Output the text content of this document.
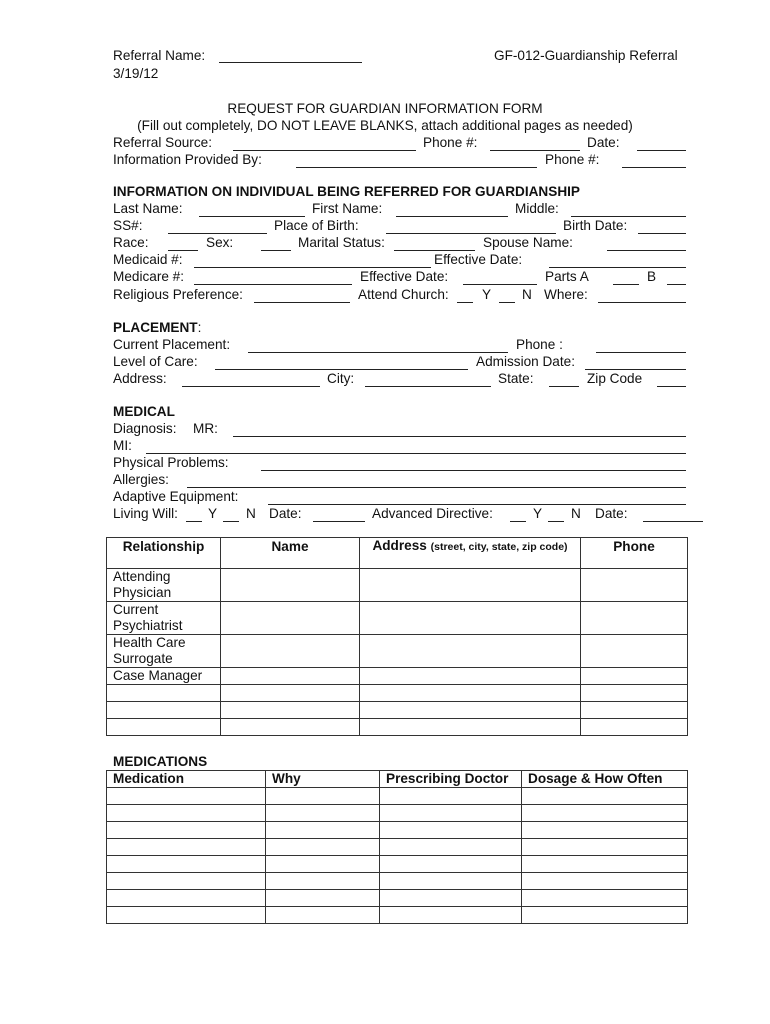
Referral Name:	GF-012-Guardianship Referral
3/19/12
REQUEST FOR GUARDIAN INFORMATION FORM
(Fill out completely, DO NOT LEAVE BLANKS, attach additional pages as needed)
Referral Source:	Phone #:	Date:
Information Provided By:	Phone #:
INFORMATION ON INDIVIDUAL BEING REFERRED FOR GUARDIANSHIP
Last Name:	First Name:	Middle:
SS#:	Place of Birth:	Birth Date:
Race:	Sex:	Marital Status:	Spouse Name:
Medicaid #:	Effective Date:
Medicare #:	Effective Date:	Parts A	B
Religious Preference:	Attend Church: Y N Where:
PLACEMENT:
Current Placement:	Phone :
Level of Care:	Admission Date:
Address:	City:	State:	Zip Code
MEDICAL
Diagnosis: MR:
MI:
Physical Problems:
Allergies:
Adaptive Equipment:
Living Will: Y N Date:	Advanced Directive:	Y N Date:
Relationship	Name	Address (street, city, state, zip code)	Phone
Attending Physician			
Current Psychiatrist			
Health Care Surrogate			
Case Manager			

MEDICATIONS
Medication	Why	Prescribing Doctor	Dosage & How Often
